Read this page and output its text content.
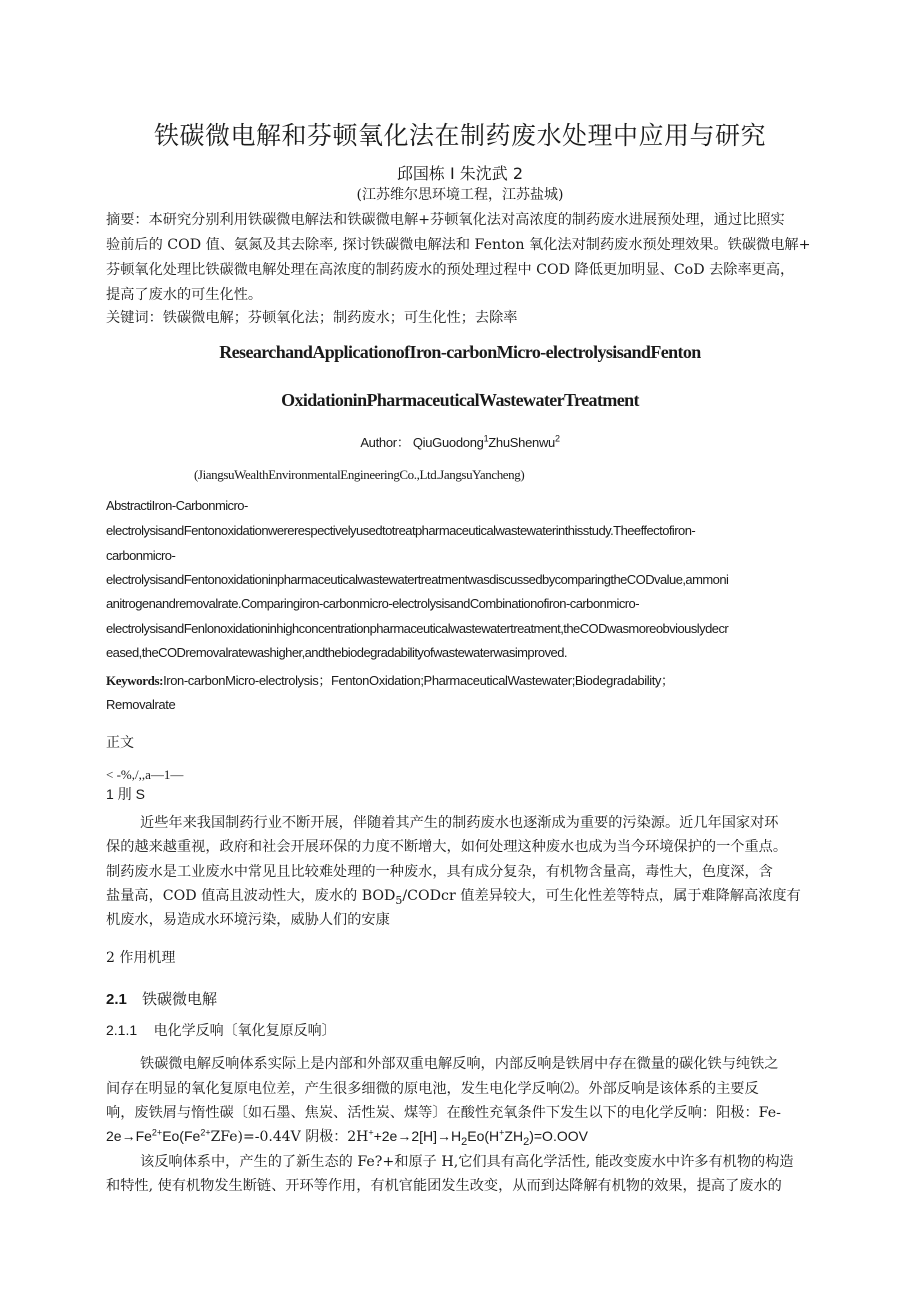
铁碳微电解和芬顿氧化法在制药废水处理中应用与研究
邱国栋 I 朱沈武 2
(江苏维尔思环境工程，江苏盐城)
摘要：本研究分别利用铁碳微电解法和铁碳微电解+芬顿氧化法对高浓度的制药废水进展预处理，通过比照实
验前后的 COD 值、氨氮及其去除率, 探讨铁碳微电解法和 Fenton 氧化法对制药废水预处理效果。铁碳微电解+
芬顿氧化处理比铁碳微电解处理在高浓度的制药废水的预处理过程中 COD 降低更加明显、CoD 去除率更高，
提高了废水的可生化性。
关键词：铁碳微电解；芬顿氧化法；制药废水；可生化性；去除率
ResearchandApplicationofIron-carbonMicro-electrolysisandFenton
OxidationinPharmaceuticalWastewaterTreatment
Author： QiuGuodong$^1$ZhuShenwu$^2$
(JiangsuWealthEnvironmentalEngineeringCo.,Ltd.JangsuYancheng)
AbstractiIron-Carbonmicro-
electrolysisandFentonoxidationwererespectivelyusedtotreatpharmaceuticalwastewaterinthisstudy.Theeffectofiron-
carbonmicro-
electrolysisandFentonoxidationinpharmaceuticalwastewatertreatmentwasdiscussedbycomparingtheCODvalue,ammoni
anitrogenandremovalrate.Comparingiron-carbonmicro-electrolysisandCombinationofiron-carbonmicro-
electrolysisandFenlonoxidationinhighconcentrationpharmaceuticalwastewatertreatment,theCODwasmoreobviouslydecr
eased,theCODremovalratewashigher,andthebiodegradabilityofwastewaterwasimproved.
Keywords:Iron-carbonMicro-electrolysis；FentonOxidation;PharmaceuticalWastewater;Biodegradability；
Removalrate
正文
< -%,/,,a—1—
1 刖 S
近些年来我国制药行业不断开展，伴随着其产生的制药废水也逐渐成为重要的污染源。近几年国家对环
保的越来越重视，政府和社会开展环保的力度不断增大，如何处理这种废水也成为当今环境保护的一个重点。
制药废水是工业废水中常见且比较难处理的一种废水，具有成分复杂，有机物含量高，毒性大，色度深，含
盐量高，COD 值高且波动性大，废水的 $BOD_5$/CODcr 值差异较大，可生化性差等特点，属于难降解高浓度有
机废水，易造成水环境污染，威胁人们的安康
2 作用机理
2.1 铁碳微电解
2.1.1 电化学反响〔氧化复原反响〕
铁碳微电解反响体系实际上是内部和外部双重电解反响，内部反响是铁屑中存在微量的碳化铁与纯铁之
间存在明显的氧化复原电位差，产生很多细微的原电池，发生电化学反响⑵。外部反响是该体系的主要反
响，废铁屑与惰性碳〔如石墨、焦炭、活性炭、煤等〕在酸性充氧条件下发生以下的电化学反响：阳极：Fe-
$2e\to Fe^{2+}Eo(Fe^{2+}ZFe)=-0.44V$ 阴极：$2H^++2e\to 2[H]\to H_2Eo(H^+ZH_2)=O.OOV$
该反响体系中，产生的了新生态的 Fe?+和原子 H,它们具有高化学活性, 能改变废水中许多有机物的构造
和特性, 使有机物发生断链、开环等作用，有机官能团发生改变，从而到达降解有机物的效果，提高了废水的
